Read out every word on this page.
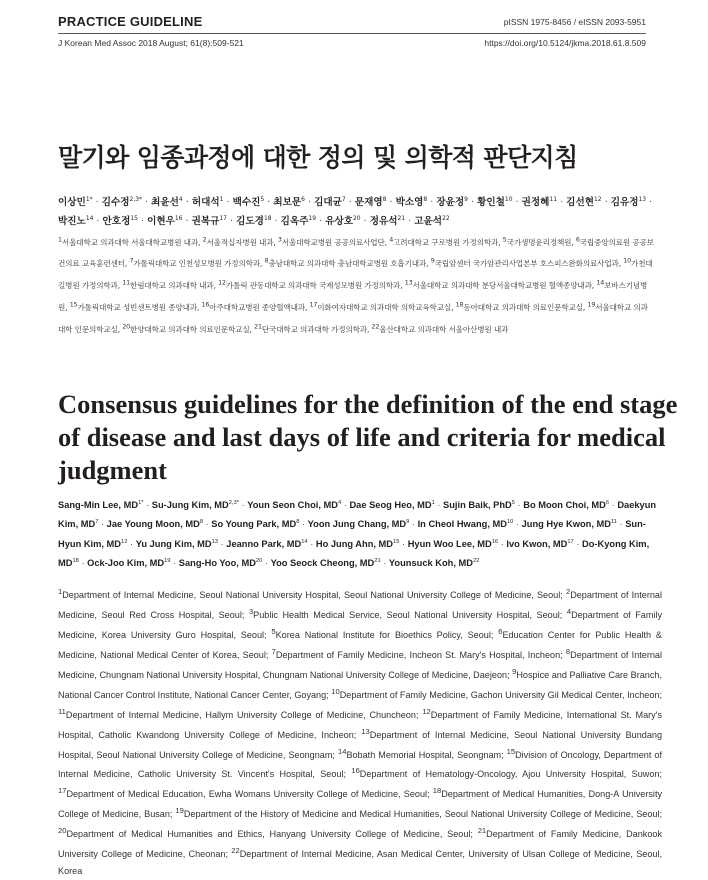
PRACTICE GUIDELINE	pISSN 1975-8456 / eISSN 2093-5951
J Korean Med Assoc 2018 August; 61(8):509-521	https://doi.org/10.5124/jkma.2018.61.8.509
말기와 임종과정에 대한 정의 및 의학적 판단지침
이상민$^{1*}$ · 김수정$^{2,3*}$ · 최윤선$^4$ · 허대석$^1$ · 백수진$^5$ · 최보문$^6$ · 김대균$^7$ · 문재영$^8$ · 박소영$^8$ · 장윤정$^9$ · 황인철$^{10}$ · 권정혜$^{11}$ · 김선현$^{12}$ · 김유정$^{13}$ · 박진노$^{14}$ · 안호정$^{15}$ · 이현우$^{16}$ · 권복규$^{17}$ · 김도경$^{18}$ · 김옥주$^{19}$ · 유상호$^{20}$ · 정유석$^{21}$ · 고윤석$^{22}$
$^1$서울대학교 의과대학 서울대학교병원 내과, $^2$서울적십자병원 내과, $^3$서울대학교병원 공공의료사업단, $^4$고려대학교 구로병원 가정의학과, $^5$국가생명윤리정책원, $^6$국립중앙의료원 공공보건의료 교육훈련센터, $^7$가톨릭대학교 인천성모병원 가정의학과, $^8$충남대학교 의과대학 충남대학교병원 호흡기내과, $^9$국립암센터 국가암관리사업본부 호스피스완화의료사업과, $^{10}$가천대 길병원 가정의학과, $^{11}$한림대학교 의과대학 내과, $^{12}$가톨릭 관동대학교 의과대학 국제성모병원 가정의학과, $^{13}$서울대학교 의과대학 분당서울대학교병원 혈액종양내과, $^{14}$보바스기념병원, $^{15}$가톨릭대학교 성빈센트병원 종양내과, $^{16}$아주대학교병원 종양혈액내과, $^{17}$이화여자대학교 의과대학 의학교육학교실, $^{18}$동아대학교 의과대학 의료인문학교실, $^{19}$서울대학교 의과대학 인문의학교실, $^{20}$한양대학교 의과대학 의료인문학교실, $^{21}$단국대학교 의과대학 가정의학과, $^{22}$울산대학교 의과대학 서울아산병원 내과
Consensus guidelines for the definition of the end stage of disease and last days of life and criteria for medical judgment
Sang-Min Lee, $MD^{1*}$ · Su-Jung Kim, $MD^{2,3*}$ · Youn Seon Choi, $MD^4$ · Dae Seog Heo, $MD^1$ · Sujin Baik, PhD$^5$ · Bo Moon Choi, $MD^6$ · Daekyun Kim, $MD^7$ · Jae Young Moon, $MD^8 \cdot So$ Young Park, $MD^8$ · Yoon Jung Chang, $MD^9 \cdot In$ Cheol Hwang, $MD^{10}$ · Jung Hye Kwon, $MD^{11}$ · Sun-Hyun Kim, $MD^{12} \cdot Yu$ Jung Kim, $MD^{13}$ · Jeanno Park, $MD^{14} \cdot Ho$ Jung Ahn, $MD^{15}$ · Hyun Woo Lee, $MD^{16}$ · Ivo Kwon, $MD^{17}$ · Do-Kyong Kim, $MD^{18} \cdot Ock-Joo$ Kim, $MD^{19}$ · Sang-Ho Yoo, $MD^{20}$ · Yoo Seock Cheong, $MD^{21}$ · Younsuck Koh, MD$^{22}$
$^1$Department of Internal Medicine, Seoul National University Hospital, Seoul National University College of Medicine, Seoul; $^2$Department of Internal Medicine, Seoul Red Cross Hospital, Seoul; $^3$Public Health Medical Service, Seoul National University Hospital, Seoul; $^4$Department of Family Medicine, Korea University Guro Hospital, Seoul; $^5$Korea National Institute for Bioethics Policy, Seoul; $^6$Education Center for Public Health & Medicine, National Medical Center of Korea, Seoul; $^7$Department of Family Medicine, Incheon St. Mary's Hospital, Incheon; $^8$Department of Internal Medicine, Chungnam National University Hospital, Chungnam National University College of Medicine, Daejeon; $^9$Hospice and Palliative Care Branch, National Cancer Control Institute, National Cancer Center, Goyang; $^{10}$Department of Family Medicine, Gachon University Gil Medical Center, Incheon; $^{11}$Department of Internal Medicine, Hallym University College of Medicine, Chuncheon; $^{12}$Department of Family Medicine, International St. Mary's Hospital, Catholic Kwandong University College of Medicine, Incheon; $^{13}$Department of Internal Medicine, Seoul National University Bundang Hospital, Seoul National University College of Medicine, Seongnam; $^{14}$Bobath Memorial Hospital, Seongnam; $^{15}$Division of Oncology, Department of Internal Medicine, Catholic University St. Vincent's Hospital, Seoul; $^{16}$Department of Hematology-Oncology, Ajou University Hospital, Suwon; $^{17}$Department of Medical Education, Ewha Womans University College of Medicine, Seoul; $^{18}$Department of Medical Humanities, Dong-A University College of Medicine, Busan; $^{19}$Department of the History of Medicine and Medical Humanities, Seoul National University College of Medicine, Seoul; $^{20}$Department of Medical Humanities and Ethics, Hanyang University College of Medicine, Seoul; $^{21}$Department of Family Medicine, Dankook University College of Medicine, Cheonan; $^{22}$Department of Internal Medicine, Asan Medical Center, University of Ulsan College of Medicine, Seoul, Korea
